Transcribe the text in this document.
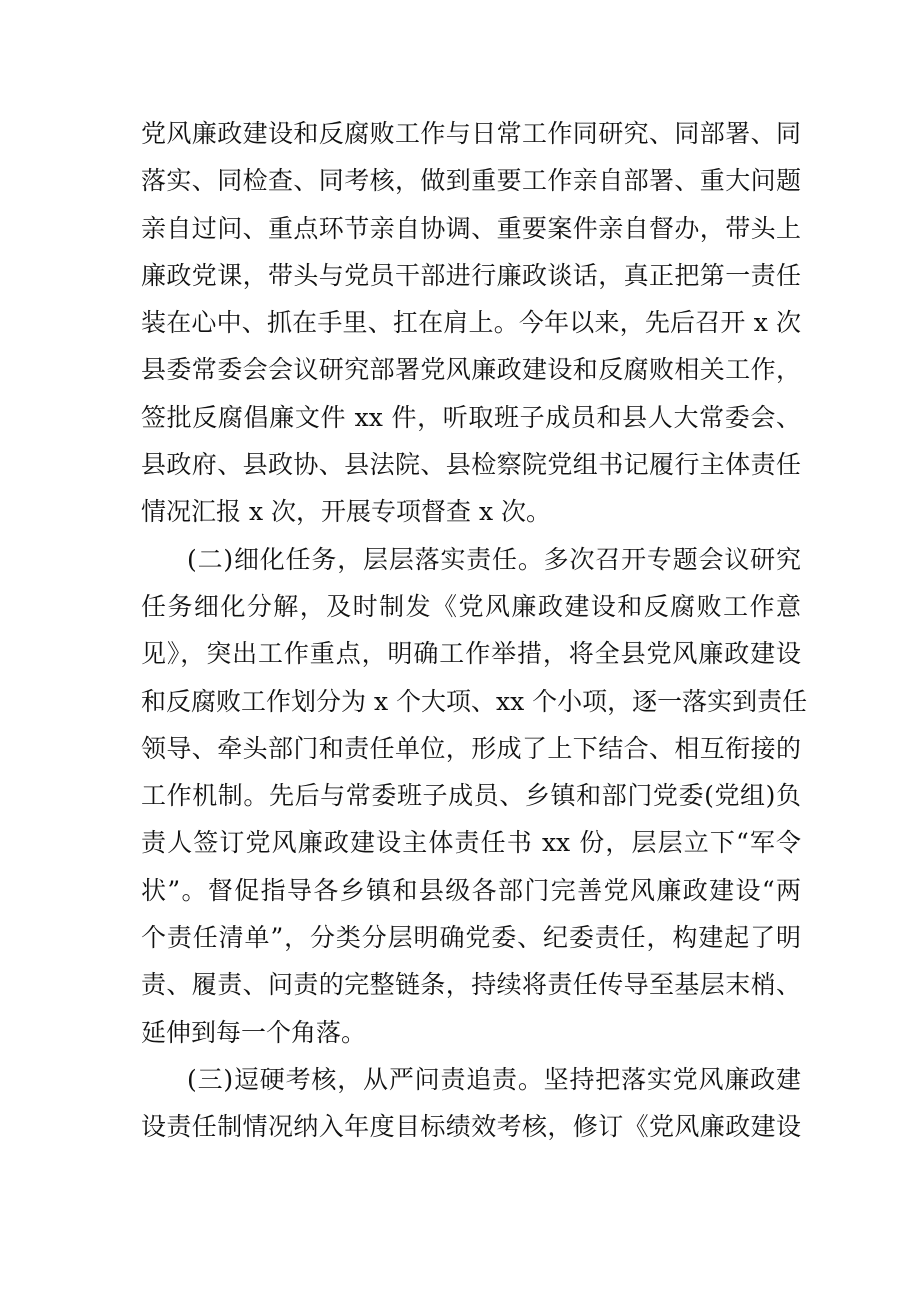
党风廉政建设和反腐败工作与日常工作同研究、同部署、同
落实、同检查、同考核，做到重要工作亲自部署、重大问题
亲自过问、重点环节亲自协调、重要案件亲自督办，带头上
廉政党课，带头与党员干部进行廉政谈话，真正把第一责任
装在心中、抓在手里、扛在肩上。今年以来，先后召开 x 次
县委常委会会议研究部署党风廉政建设和反腐败相关工作，
签批反腐倡廉文件 xx 件，听取班子成员和县人大常委会、
县政府、县政协、县法院、县检察院党组书记履行主体责任
情况汇报 x 次，开展专项督查 x 次。
(二)细化任务，层层落实责任。多次召开专题会议研究
任务细化分解，及时制发《党风廉政建设和反腐败工作意
见》，突出工作重点，明确工作举措，将全县党风廉政建设
和反腐败工作划分为 x 个大项、xx 个小项，逐一落实到责任
领导、牵头部门和责任单位，形成了上下结合、相互衔接的
工作机制。先后与常委班子成员、乡镇和部门党委(党组)负
责人签订党风廉政建设主体责任书 xx 份，层层立下“军令
状”。督促指导各乡镇和县级各部门完善党风廉政建设“两
个责任清单”，分类分层明确党委、纪委责任，构建起了明
责、履责、问责的完整链条，持续将责任传导至基层末梢、
延伸到每一个角落。
(三)逗硬考核，从严问责追责。坚持把落实党风廉政建
设责任制情况纳入年度目标绩效考核，修订《党风廉政建设
